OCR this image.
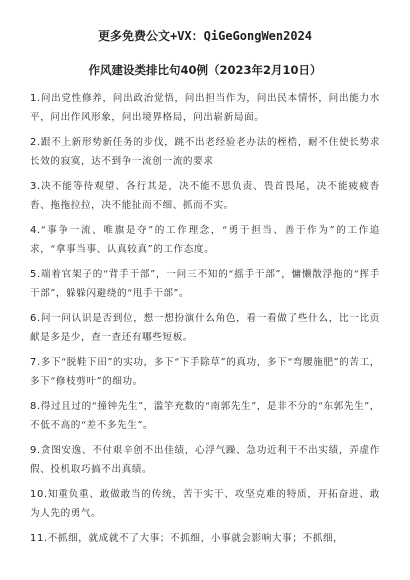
更多免费公文+VX：QiGeGongWen2024
作风建设类排比句40例（2023年2月10日）
1.问出党性修养，问出政治觉悟，问出担当作为，问出民本情怀，问出能力水平，问出作风形象，问出境界格局，问出崭新局面。
2.跟不上新形势新任务的步伐，跳不出老经验老办法的桎梏，耐不住使长势求长效的寂寞，达不到争一流创一流的要求
3.决不能等待观望、各行其是，决不能不思负责、畏首畏尾，决不能疲疲沓沓、拖拖拉拉，决不能扯而不细、抓而不实。
4.“事争一流、唯旗是夺”的工作理念，“勇于担当、善于作为”的工作追求，“拿事当事、认真较真”的工作态度。
5.端着官架子的“背手干部”，一问三不知的“摇手干部”，慵懒散浮拖的“挥手干部”，躲躲闪避绕的“甩手干部”。
6.问一问认识是否到位，想一想扮演什么角色，看一看做了些什么，比一比贡献是多是少，查一查还有哪些短板。
7.多下“脱鞋下田”的实功，多下“下手除草”的真功，多下“弯腰施肥”的苦工，多下“修枝剪叶”的细功。
8.得过且过的“撞钟先生”，滥竽充数的“南郭先生”，是非不分的“东郭先生”，不低不高的“差不多先生”。
9.贪图安逸、不付艰辛创不出佳绩，心浮气躁、急功近利干不出实绩，弄虚作假、投机取巧搞不出真绩。
10.知重负重、敢做敢当的传统，苦干实干、攻坚克难的特质，开拓奋进、敢为人先的勇气。
11.不抓细，就成就不了大事；不抓细，小事就会影响大事；不抓细，
